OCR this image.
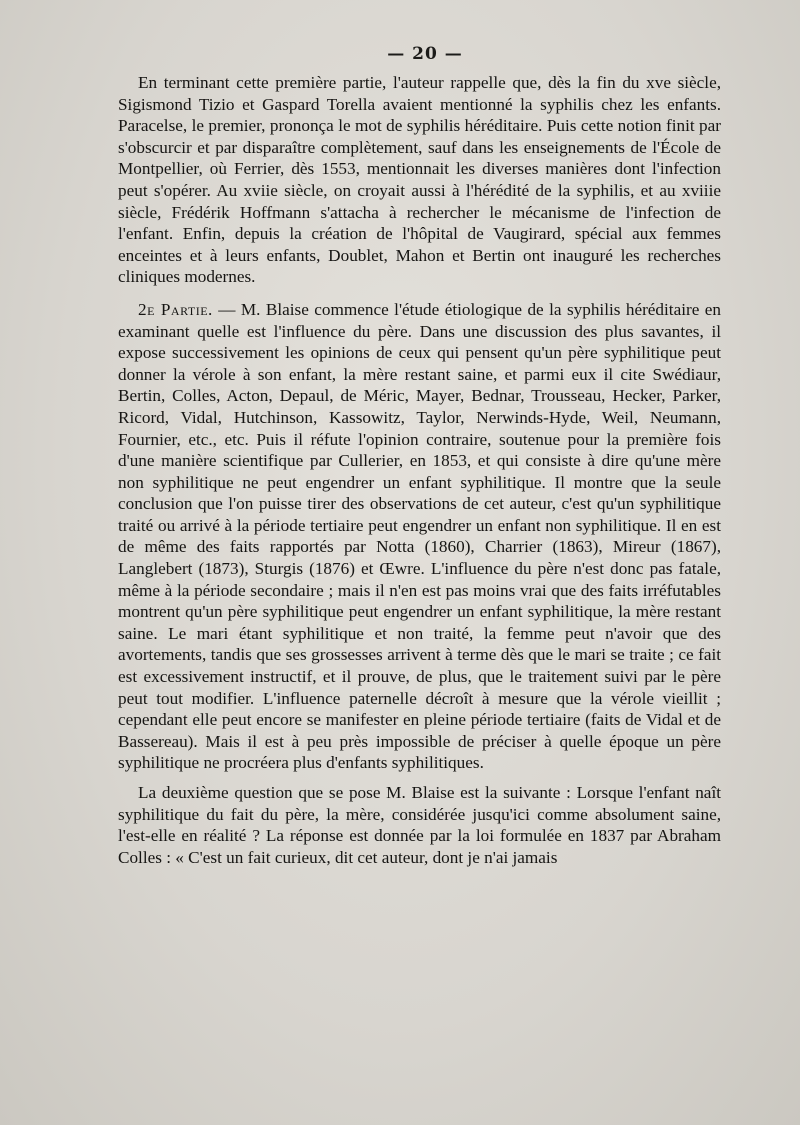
— 20 —

En terminant cette première partie, l'auteur rappelle que, dès la fin du xve siècle, Sigismond Tizio et Gaspard Torella avaient mentionné la syphilis chez les enfants. Paracelse, le premier, prononça le mot de syphilis héréditaire. Puis cette notion finit par s'obscurcir et par disparaître complètement, sauf dans les enseignements de l'École de Montpellier, où Ferrier, dès 1553, mentionnait les diverses manières dont l'infection peut s'opérer. Au xviie siècle, on croyait aussi à l'hérédité de la syphilis, et au xviiie siècle, Frédérik Hoffmann s'attacha à rechercher le mécanisme de l'infection de l'enfant. Enfin, depuis la création de l'hôpital de Vaugirard, spécial aux femmes enceintes et à leurs enfants, Doublet, Mahon et Bertin ont inauguré les recherches cliniques modernes.

2e Partie. — M. Blaise commence l'étude étiologique de la syphilis héréditaire en examinant quelle est l'influence du père. Dans une discussion des plus savantes, il expose successivement les opinions de ceux qui pensent qu'un père syphilitique peut donner la vérole à son enfant, la mère restant saine, et parmi eux il cite Swédiaur, Bertin, Colles, Acton, Depaul, de Méric, Mayer, Bednar, Trousseau, Hecker, Parker, Ricord, Vidal, Hutchinson, Kassowitz, Taylor, Nerwinds-Hyde, Weil, Neumann, Fournier, etc., etc. Puis il réfute l'opinion contraire, soutenue pour la première fois d'une manière scientifique par Cullerier, en 1853, et qui consiste à dire qu'une mère non syphilitique ne peut engendrer un enfant syphilitique. Il montre que la seule conclusion que l'on puisse tirer des observations de cet auteur, c'est qu'un syphilitique traité ou arrivé à la période tertiaire peut engendrer un enfant non syphilitique. Il en est de même des faits rapportés par Notta (1860), Charrier (1863), Mireur (1867), Langlebert (1873), Sturgis (1876) et Œwre. L'influence du père n'est donc pas fatale, même à la période secondaire ; mais il n'en est pas moins vrai que des faits irréfutables montrent qu'un père syphilitique peut engendrer un enfant syphilitique, la mère restant saine. Le mari étant syphilitique et non traité, la femme peut n'avoir que des avortements, tandis que ses grossesses arrivent à terme dès que le mari se traite ; ce fait est excessivement instructif, et il prouve, de plus, que le traitement suivi par le père peut tout modifier. L'influence paternelle décroît à mesure que la vérole vieillit ; cependant elle peut encore se manifester en pleine période tertiaire (faits de Vidal et de Bassereau). Mais il est à peu près impossible de préciser à quelle époque un père syphilitique ne procréera plus d'enfants syphilitiques.

La deuxième question que se pose M. Blaise est la suivante : Lorsque l'enfant naît syphilitique du fait du père, la mère, considérée jusqu'ici comme absolument saine, l'est-elle en réalité ? La réponse est donnée par la loi formulée en 1837 par Abraham Colles : « C'est un fait curieux, dit cet auteur, dont je n'ai jamais
